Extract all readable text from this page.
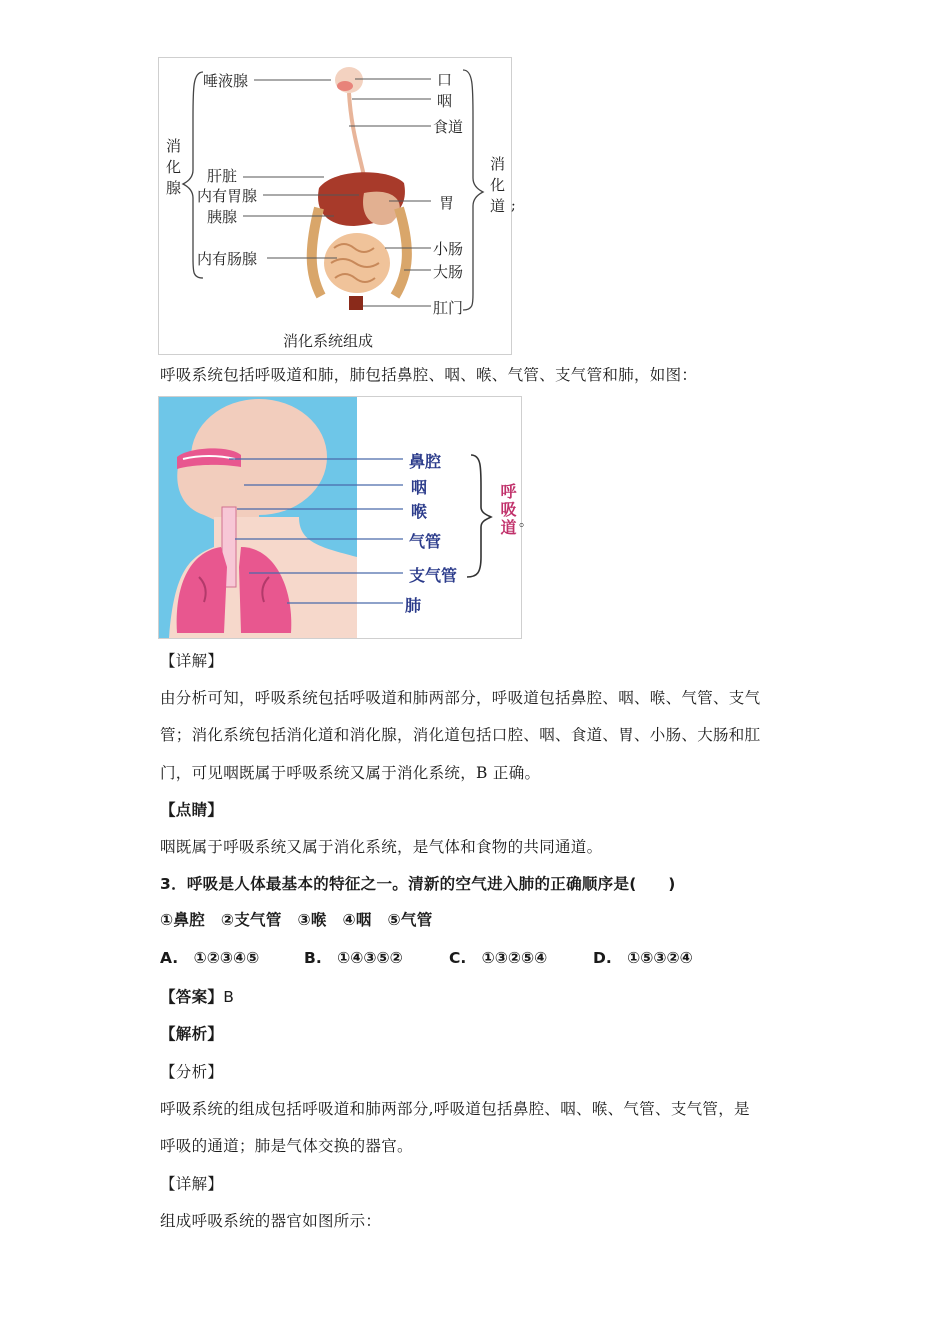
消化腺
唾液腺
肝脏
内有胃腺
胰腺
内有肠腺
口
咽
食道
胃
小肠
大肠
肛门
消化道
消化系统组成
;
呼吸系统包括呼吸道和肺，肺包括鼻腔、咽、喉、气管、支气管和肺，如图：
鼻腔
咽
喉
气管
支气管
肺
呼吸道 。
【详解】
由分析可知，呼吸系统包括呼吸道和肺两部分，呼吸道包括鼻腔、咽、喉、气管、支气
管；消化系统包括消化道和消化腺，消化道包括口腔、咽、食道、胃、小肠、大肠和肛
门，可见咽既属于呼吸系统又属于消化系统，B 正确。
【点睛】
咽既属于呼吸系统又属于消化系统，是气体和食物的共同通道。
3．呼吸是人体最基本的特征之一。清新的空气进入肺的正确顺序是(　　)
①鼻腔　②支气管　③喉　④咽　⑤气管
A. ①②③④⑤	B. ①④③⑤②	C. ①③②⑤④	D. ①⑤③②④
【答案】B
【解析】
【分析】
呼吸系统的组成包括呼吸道和肺两部分,呼吸道包括鼻腔、咽、喉、气管、支气管，是
呼吸的通道；肺是气体交换的器官。
【详解】
组成呼吸系统的器官如图所示：
